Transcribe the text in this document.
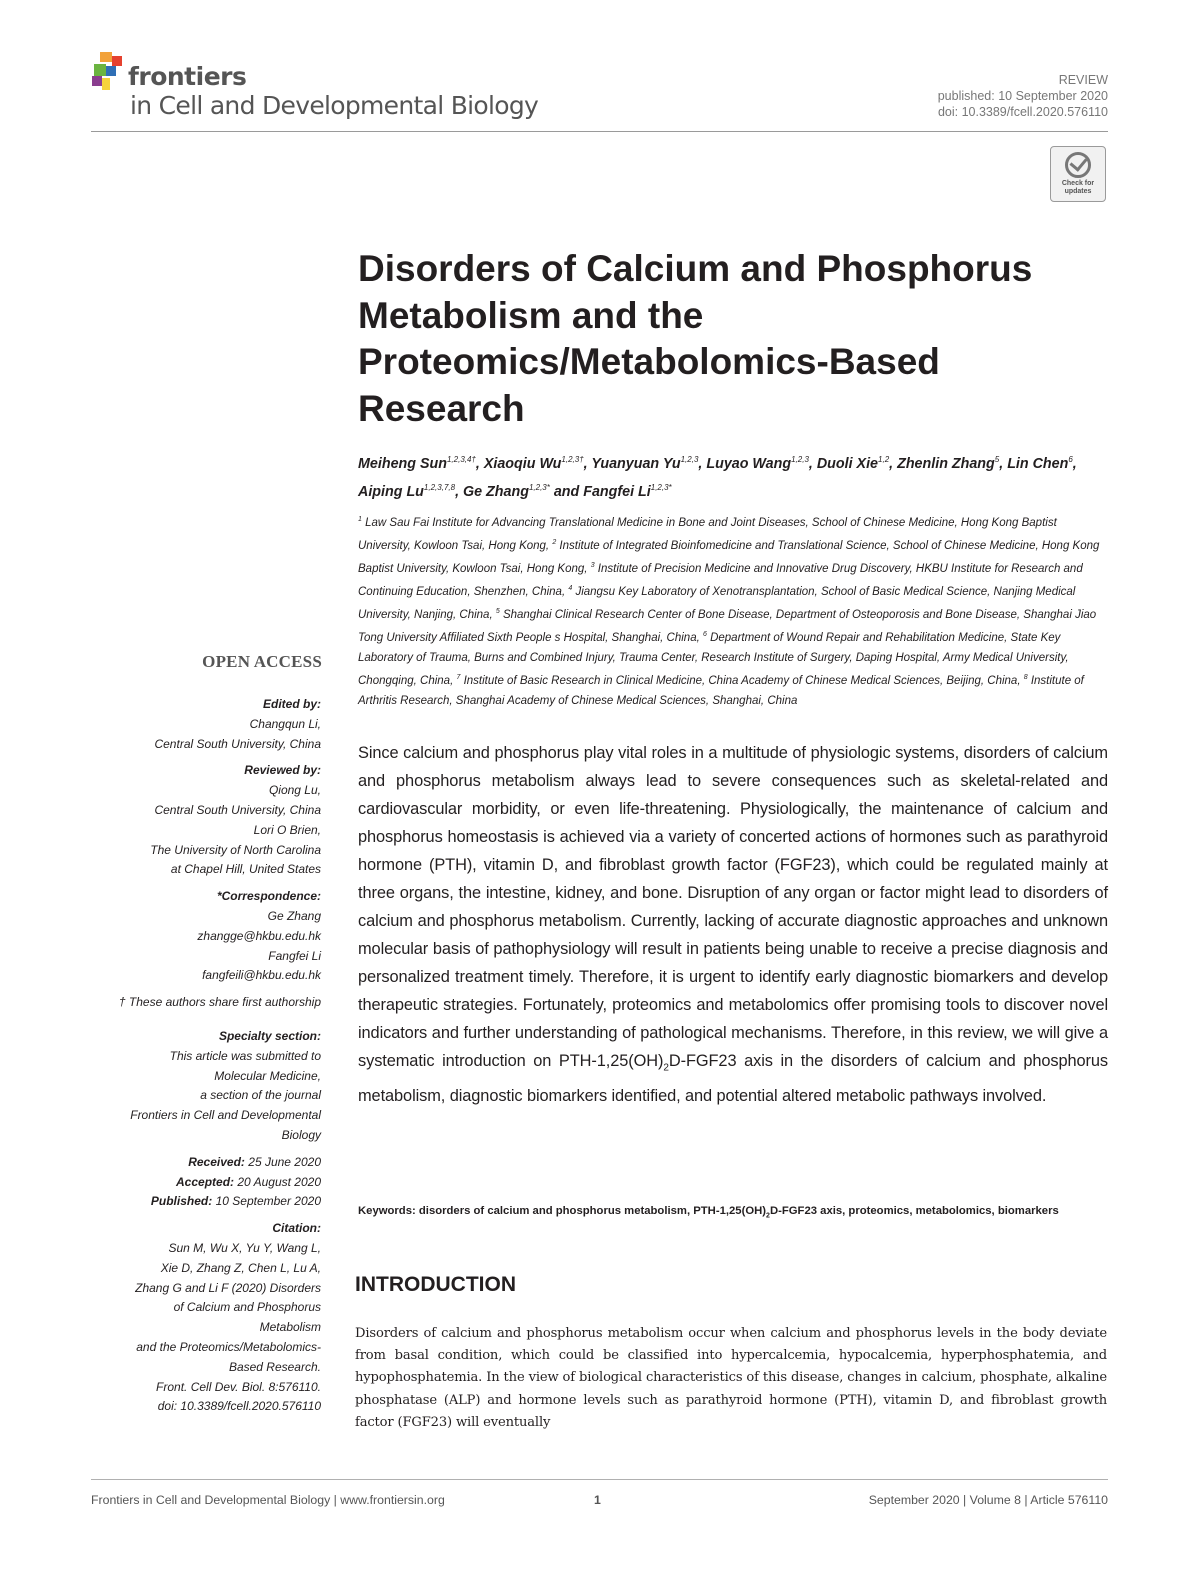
frontiers
in Cell and Developmental Biology
REVIEW
published: 10 September 2020
doi: 10.3389/fcell.2020.576110
Check for updates
Disorders of Calcium and Phosphorus Metabolism and the Proteomics/Metabolomics-Based Research
Meiheng Sun$^{1,2,3,4\dagger}$, Xiaoqiu $Wu^{1,2,3\dagger}$, Yuanyuan Yu$^{1,2,3}$, Luyao Wang$^{1,2,3}$, Duoli Xie$^{1,2}$, Zhenlin Zhang$^5$, Lin Chen$^6$, Aiping Lu$^{1,2,3,7,8}$, Ge Zhang$^{1,2,3*}$ and Fangfei $Li^{1,2,3*}$
$^1$ Law Sau Fai Institute for Advancing Translational Medicine in Bone and Joint Diseases, School of Chinese Medicine, Hong Kong Baptist University, Kowloon Tsai, Hong Kong, $^2$ Institute of Integrated Bioinfomedicine and Translational Science, School of Chinese Medicine, Hong Kong Baptist University, Kowloon Tsai, Hong Kong, $^3$ Institute of Precision Medicine and Innovative Drug Discovery, HKBU Institute for Research and Continuing Education, Shenzhen, China, $^4$ Jiangsu Key Laboratory of Xenotransplantation, School of Basic Medical Science, Nanjing Medical University, Nanjing, China, $^5$ Shanghai Clinical Research Center of Bone Disease, Department of Osteoporosis and Bone Disease, Shanghai Jiao Tong University Affiliated Sixth People s Hospital, Shanghai, China, $^6$ Department of Wound Repair and Rehabilitation Medicine, State Key Laboratory of Trauma, Burns and Combined Injury, Trauma Center, Research Institute of Surgery, Daping Hospital, Army Medical University, Chongqing, China, $^7$ Institute of Basic Research in Clinical Medicine, China Academy of Chinese Medical Sciences, Beijing, China, $^8$ Institute of Arthritis Research, Shanghai Academy of Chinese Medical Sciences, Shanghai, China
OPEN ACCESS
Edited by:
Changqun Li,
Central South University, China
Reviewed by:
Qiong Lu,
Central South University, China
Lori O Brien,
The University of North Carolina
at Chapel Hill, United States
*Correspondence:
Ge Zhang
zhangge@hkbu.edu.hk
Fangfei Li
fangfeili@hkbu.edu.hk
† These authors share first authorship
Specialty section:
This article was submitted to
Molecular Medicine,
a section of the journal
Frontiers in Cell and Developmental
Biology
Received: 25 June 2020
Accepted: 20 August 2020
Published: 10 September 2020
Citation:
Sun M, Wu X, Yu Y, Wang L,
Xie D, Zhang Z, Chen L, Lu A,
Zhang G and Li F (2020) Disorders
of Calcium and Phosphorus
Metabolism
and the Proteomics/Metabolomics-
Based Research.
Front. Cell Dev. Biol. 8:576110.
doi: 10.3389/fcell.2020.576110
Since calcium and phosphorus play vital roles in a multitude of physiologic systems, disorders of calcium and phosphorus metabolism always lead to severe consequences such as skeletal-related and cardiovascular morbidity, or even life-threatening. Physiologically, the maintenance of calcium and phosphorus homeostasis is achieved via a variety of concerted actions of hormones such as parathyroid hormone (PTH), vitamin D, and fibroblast growth factor (FGF23), which could be regulated mainly at three organs, the intestine, kidney, and bone. Disruption of any organ or factor might lead to disorders of calcium and phosphorus metabolism. Currently, lacking of accurate diagnostic approaches and unknown molecular basis of pathophysiology will result in patients being unable to receive a precise diagnosis and personalized treatment timely. Therefore, it is urgent to identify early diagnostic biomarkers and develop therapeutic strategies. Fortunately, proteomics and metabolomics offer promising tools to discover novel indicators and further understanding of pathological mechanisms. Therefore, in this review, we will give a systematic introduction on PTH-$1,25(OH)_2D-FGF23$ axis in the disorders of calcium and phosphorus metabolism, diagnostic biomarkers identified, and potential altered metabolic pathways involved.
Keywords: disorders of calcium and phosphorus metabolism, PTH-$1,25(OH)_2D-FGF23$ axis, proteomics, metabolomics, biomarkers
INTRODUCTION
Disorders of calcium and phosphorus metabolism occur when calcium and phosphorus levels in the body deviate from basal condition, which could be classified into hypercalcemia, hypocalcemia, hyperphosphatemia, and hypophosphatemia. In the view of biological characteristics of this disease, changes in calcium, phosphate, alkaline phosphatase (ALP) and hormone levels such as parathyroid hormone (PTH), vitamin D, and fibroblast growth factor (FGF23) will eventually
Frontiers in Cell and Developmental Biology | www.frontiersin.org	1	September 2020 | Volume 8 | Article 576110
